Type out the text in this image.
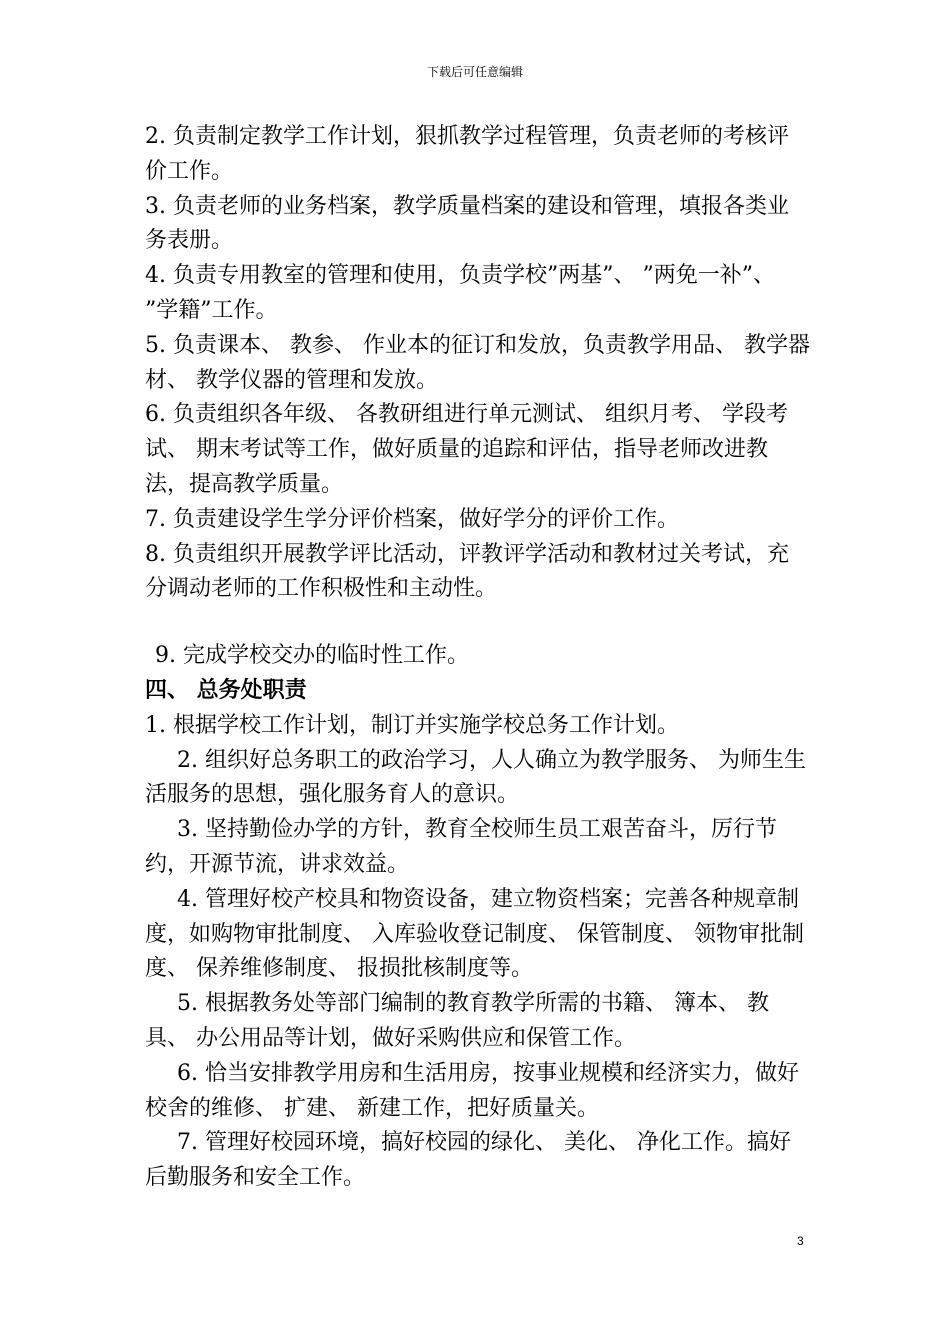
下载后可任意编辑

2. 负责制定教学工作计划，狠抓教学过程管理，负责老师的考核评价工作。

3. 负责老师的业务档案，教学质量档案的建设和管理，填报各类业务表册。

4. 负责专用教室的管理和使用，负责学校”两基”、 ”两免一补”、 ”学籍”工作。

5. 负责课本、 教参、 作业本的征订和发放，负责教学用品、 教学器材、 教学仪器的管理和发放。

6. 负责组织各年级、 各教研组进行单元测试、 组织月考、 学段考试、 期末考试等工作，做好质量的追踪和评估，指导老师改进教法，提高教学质量。

7. 负责建设学生学分评价档案，做好学分的评价工作。

8. 负责组织开展教学评比活动，评教评学活动和教材过关考试，充分调动老师的工作积极性和主动性。

9. 完成学校交办的临时性工作。

四、 总务处职责

1. 根据学校工作计划，制订并实施学校总务工作计划。

2. 组织好总务职工的政治学习，人人确立为教学服务、 为师生生活服务的思想，强化服务育人的意识。

3. 坚持勤俭办学的方针，教育全校师生员工艰苦奋斗，厉行节约，开源节流，讲求效益。

4. 管理好校产校具和物资设备，建立物资档案；完善各种规章制度，如购物审批制度、 入库验收登记制度、 保管制度、 领物审批制度、 保养维修制度、 报损批核制度等。

5. 根据教务处等部门编制的教育教学所需的书籍、 簿本、 教具、 办公用品等计划，做好采购供应和保管工作。

6. 恰当安排教学用房和生活用房，按事业规模和经济实力，做好校舍的维修、 扩建、 新建工作，把好质量关。

7. 管理好校园环境，搞好校园的绿化、 美化、 净化工作。搞好后勤服务和安全工作。

3
